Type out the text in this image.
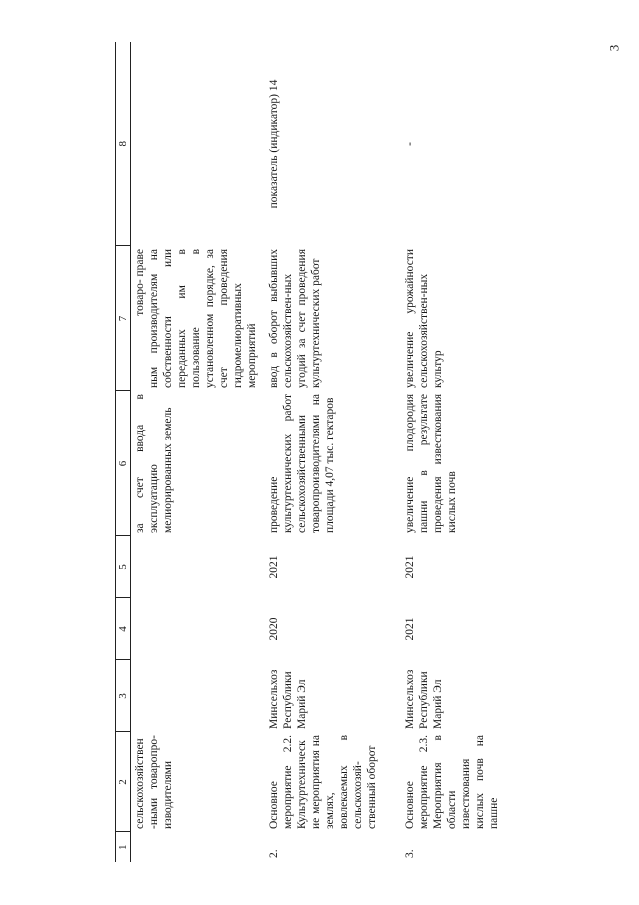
3
1	2	3	4	5	6	7	8
	сельскохозяйствен-ными товаропро-изводителями				за счет ввода в эксплуатацию мелиорированных земель	товаро- праве ным производителям на собственности или переданных им в пользование в установленном порядке, за счет проведения гидромелиоративных мероприятий	

2.	Основное мероприятие 2.2. Культуртехнические мероприятия на землях, вовлекаемых в сельскохозяй-ственный оборот	Минсельхоз Республики Марий Эл	2020	2021	проведение культуртехнических работ сельскохозяйственными товаропроизводителями на площади 4,07 тыс. гектаров	ввод в оборот выбывших сельскохозяйствен-ных угодий за счет проведения культуртехнических работ	показатель (индикатор) 14
3.	Основное мероприятие 2.3. Мероприятия в области известкования кислых почв на пашне	Минсельхоз Республики Марий Эл	2021	2021	увеличение плодородия пашни в результате проведения известкования кислых почв	увеличение урожайности сельскохозяйствен-ных культур	-
